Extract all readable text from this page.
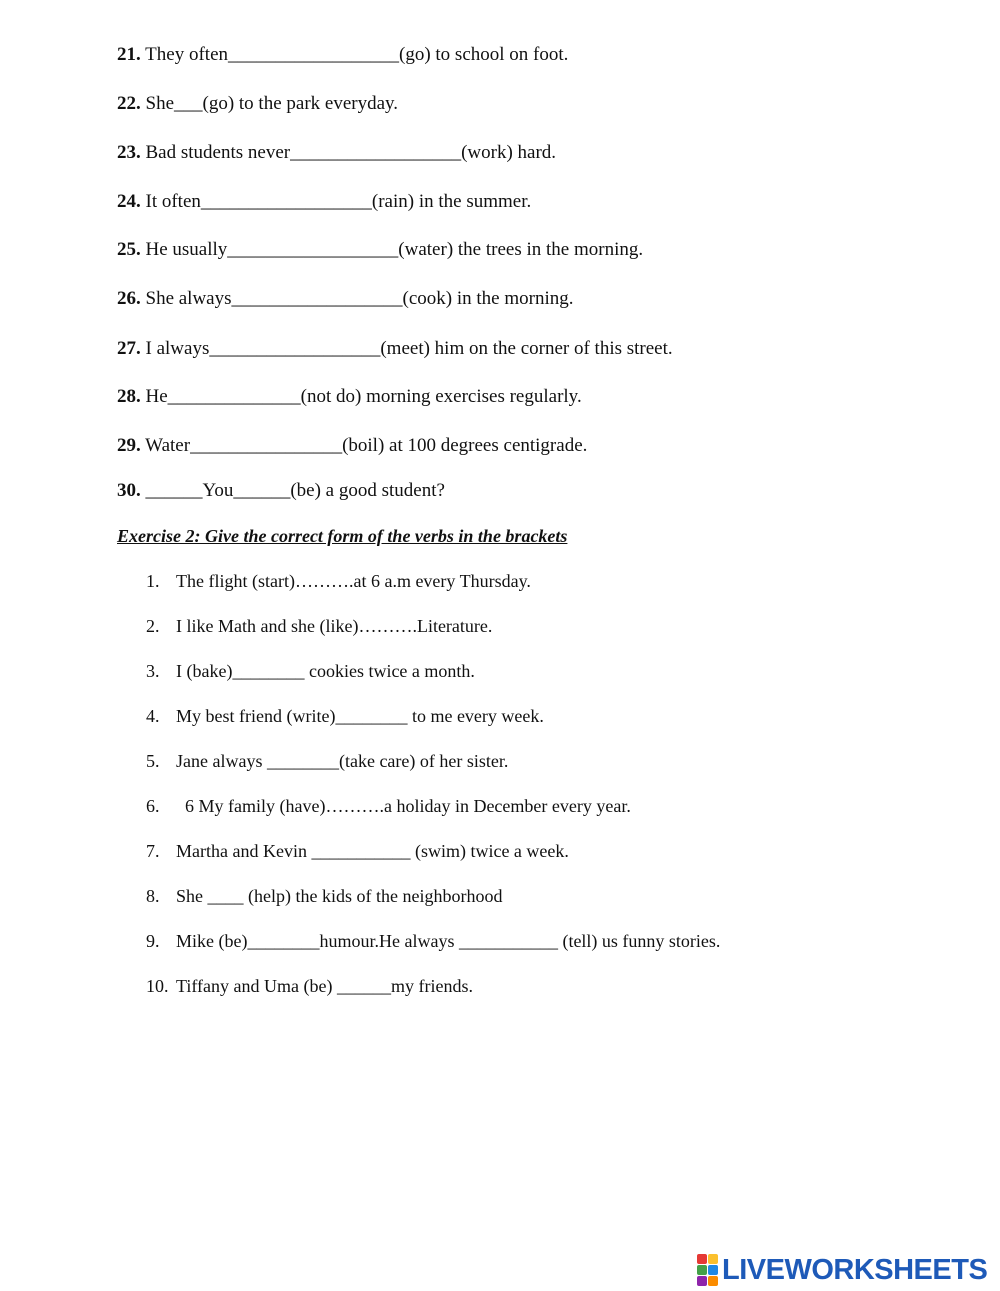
21. They often__________________(go) to school on foot.
22. She___(go) to the park everyday.
23. Bad students never__________________(work) hard.
24. It often__________________(rain) in the summer.
25. He usually__________________(water) the trees in the morning.
26. She always__________________(cook) in the morning.
27. I always__________________(meet) him on the corner of this street.
28. He______________(not do) morning exercises regularly.
29. Water________________(boil) at 100 degrees centigrade.
30. ______You______(be) a good student?
Exercise 2: Give the correct form of the verbs in the brackets
1. The flight (start)……….at 6 a.m every Thursday.
2. I like Math and she (like)……….Literature.
3. I (bake)________ cookies twice a month.
4. My best friend (write)________ to me every week.
5. Jane always ________(take care) of her sister.
6. 6 My family (have)……….a holiday in December every year.
7. Martha and Kevin ___________ (swim) twice a week.
8. She ____ (help) the kids of the neighborhood
9. Mike (be)________humour.He always ___________ (tell) us funny stories.
10. Tiffany and Uma (be) ______my friends.
LIVEWORKSHEETS
